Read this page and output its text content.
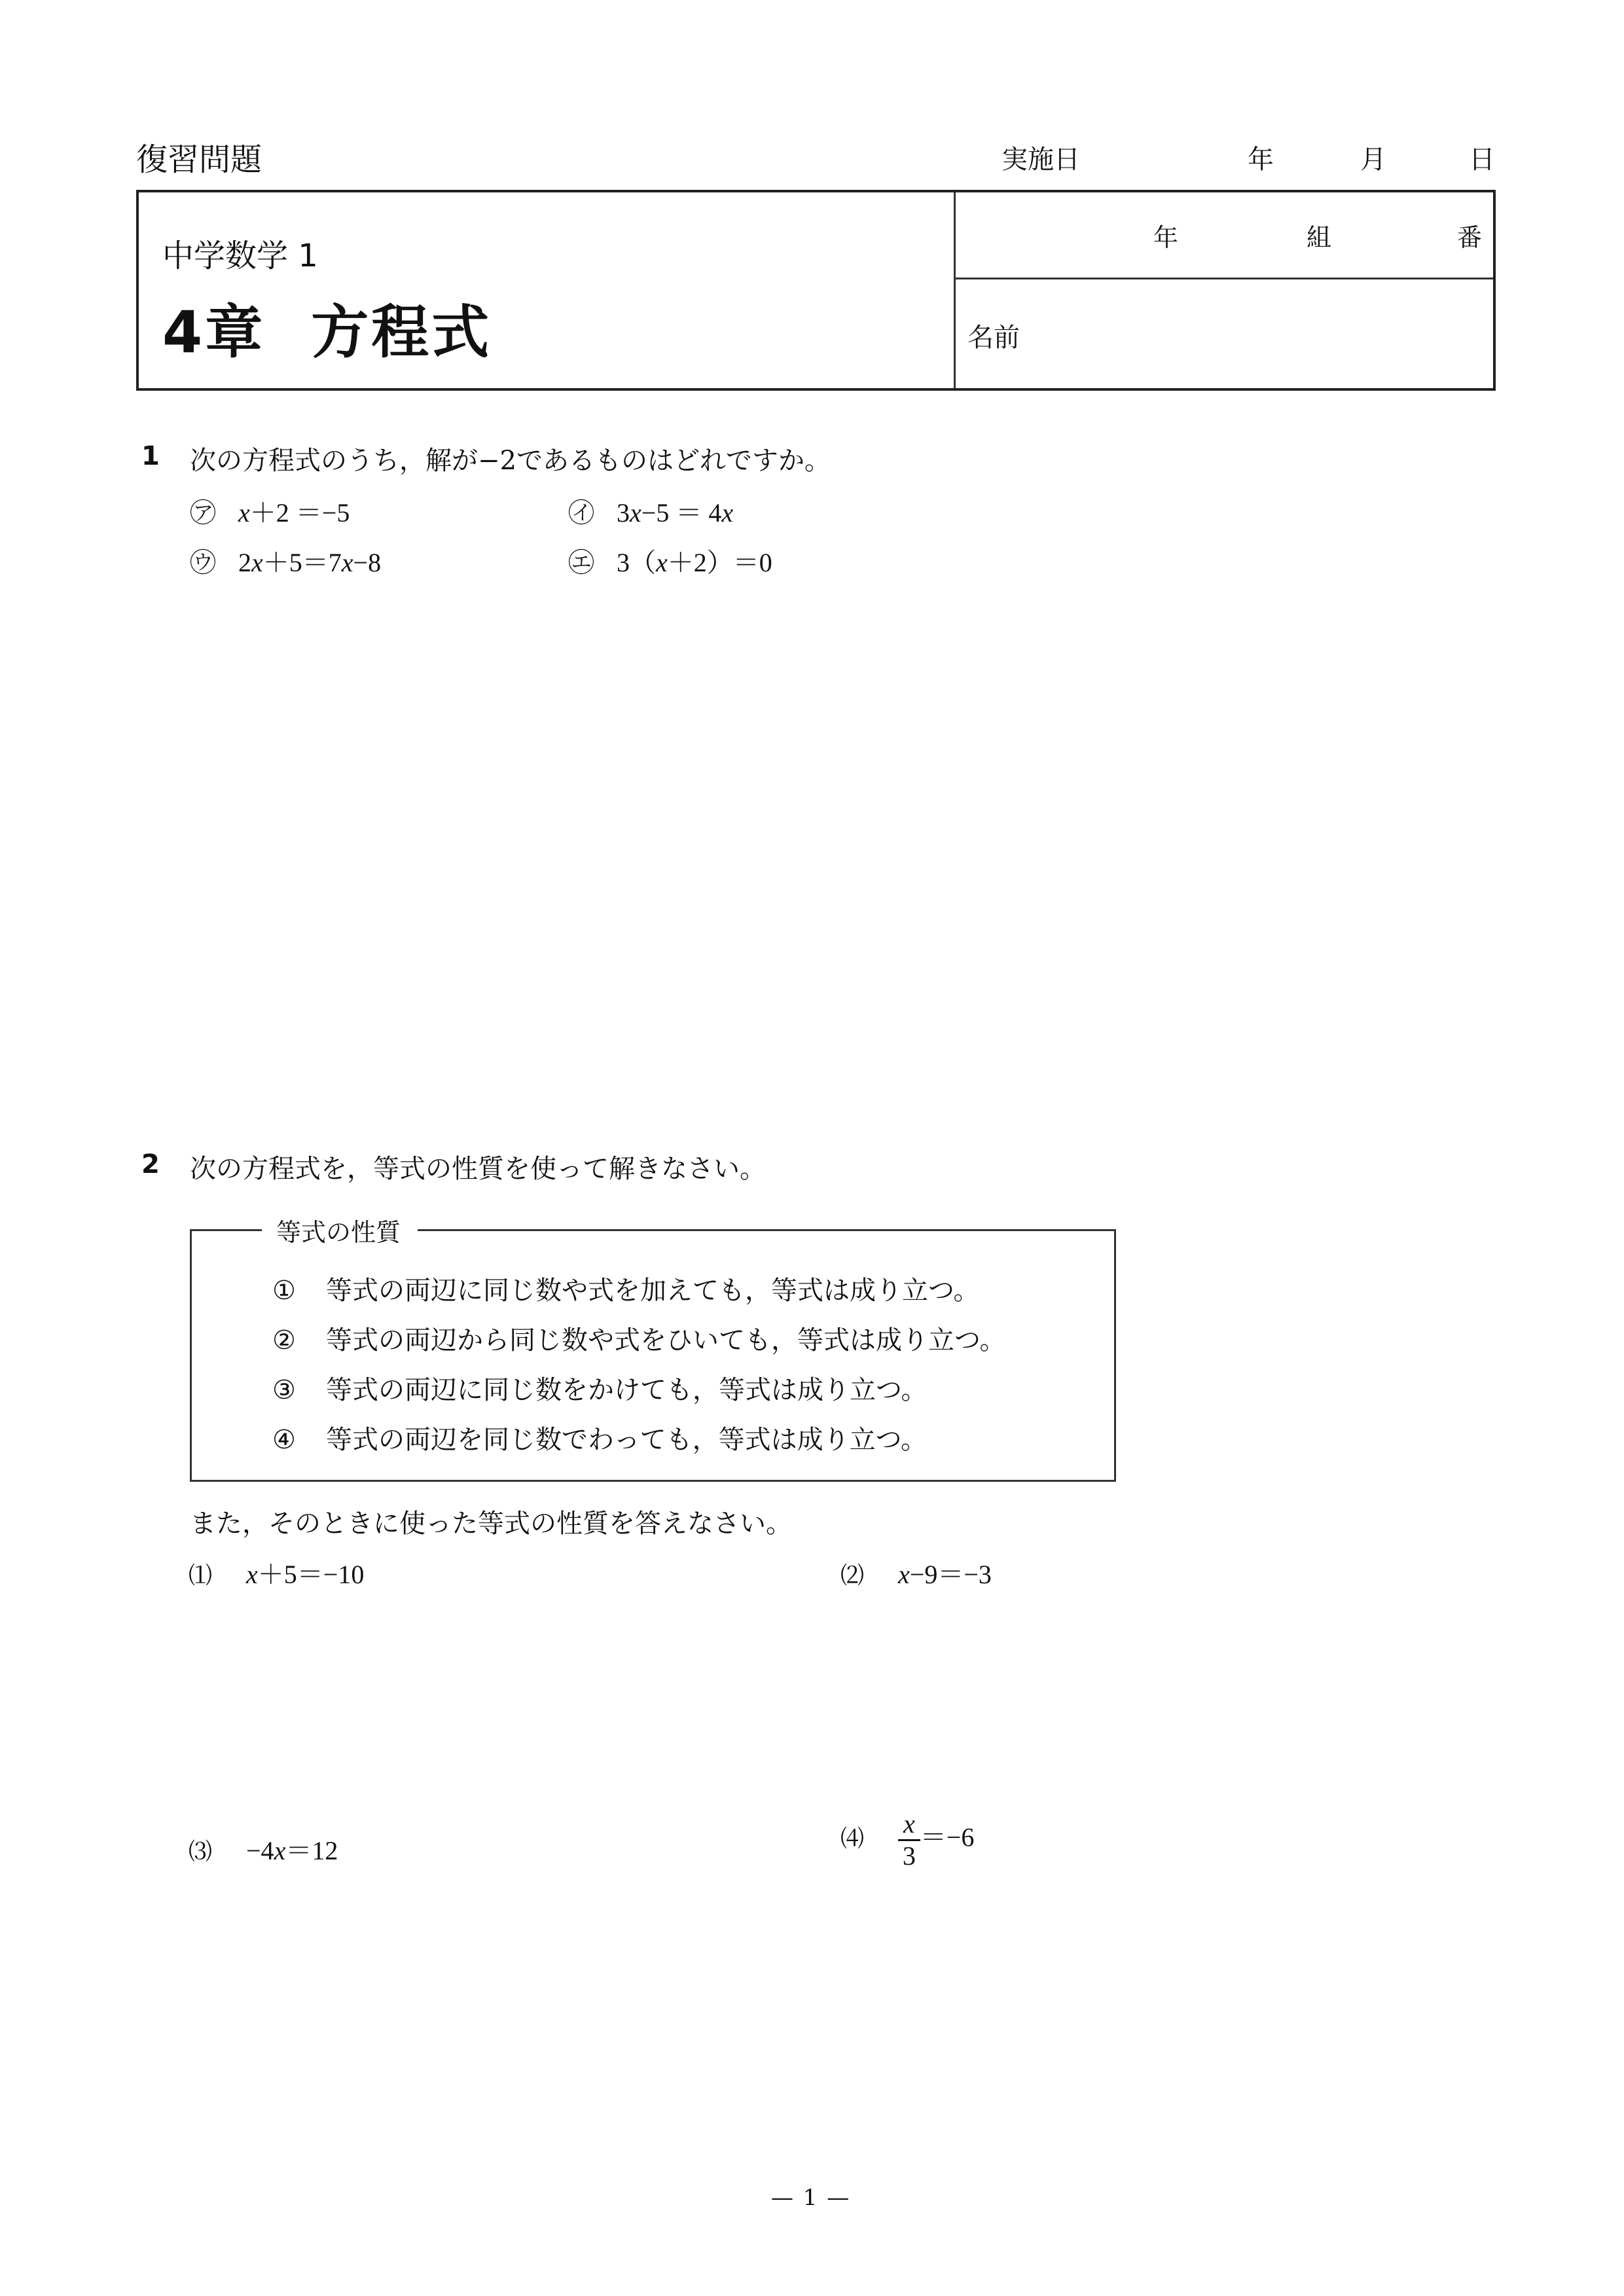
復習問題	実施日	年	月	日
中学数学 1
4章 方程式
年	組	番
名前
1 次の方程式のうち，解が−2であるものはどれですか。
㋐ x＋2 ＝−5	㋑ 3x−5 ＝ 4x
㋒ 2x＋5＝7x−8	㋓ 3（x＋2）＝0
2 次の方程式を，等式の性質を使って解きなさい。
等式の性質
① 等式の両辺に同じ数や式を加えても，等式は成り立つ。
② 等式の両辺から同じ数や式をひいても，等式は成り立つ。
③ 等式の両辺に同じ数をかけても，等式は成り立つ。
④ 等式の両辺を同じ数でわっても，等式は成り立つ。
また，そのときに使った等式の性質を答えなさい。
⑴ x＋5＝−10	⑵ x−9＝−3
⑶ −4x＝12	⑷ $\frac{x}{3} =-6$
— 1 —
